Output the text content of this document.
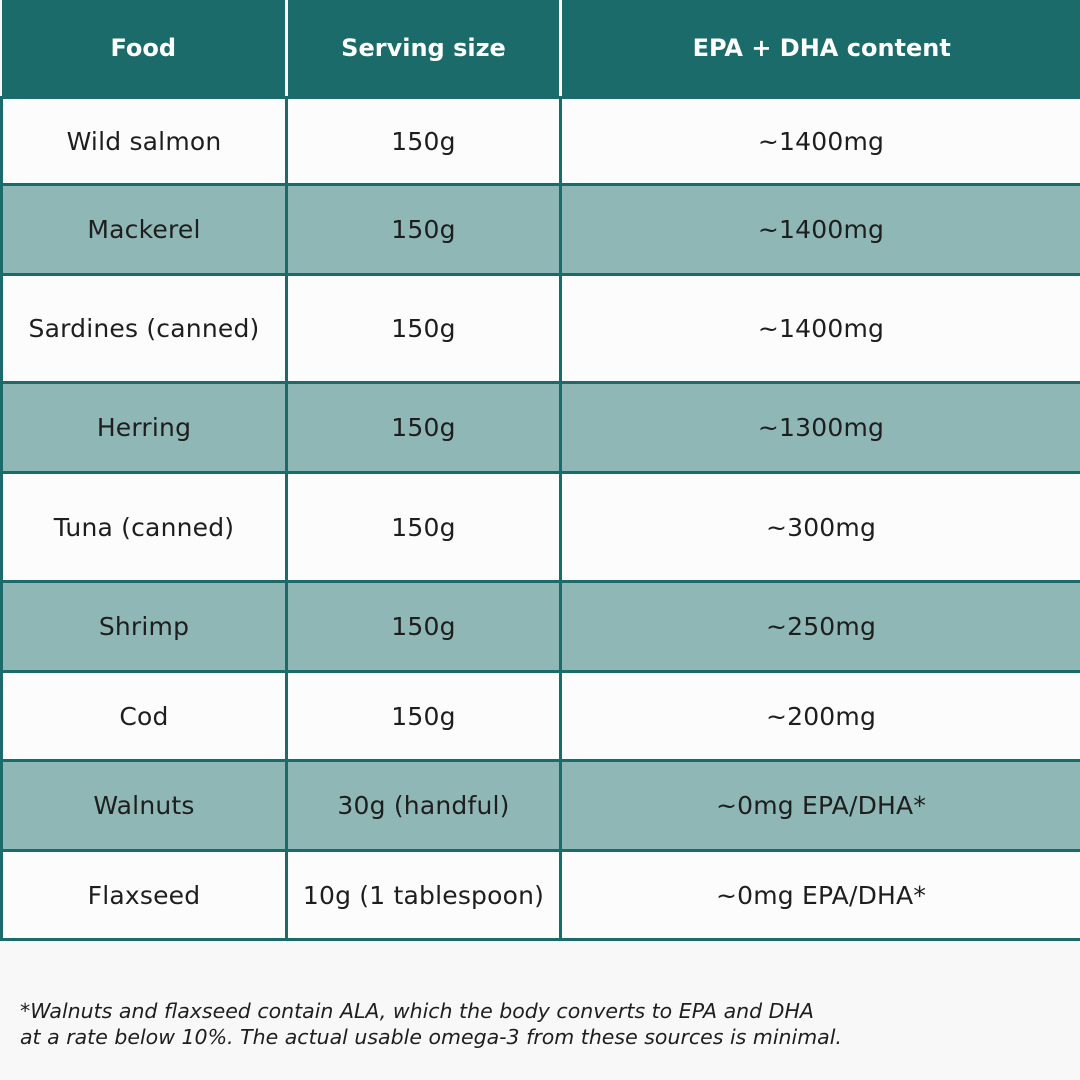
Food	Serving size	EPA + DHA content
Wild salmon	150g	~1400mg
Mackerel	150g	~1400mg
Sardines (canned)	150g	~1400mg
Herring	150g	~1300mg
Tuna (canned)	150g	~300mg
Shrimp	150g	~250mg
Cod	150g	~200mg
Walnuts	30g (handful)	~0mg EPA/DHA*
Flaxseed	10g (1 tablespoon)	~0mg EPA/DHA*
*Walnuts and flaxseed contain ALA, which the body converts to EPA and DHA
at a rate below 10%. The actual usable omega-3 from these sources is minimal.
